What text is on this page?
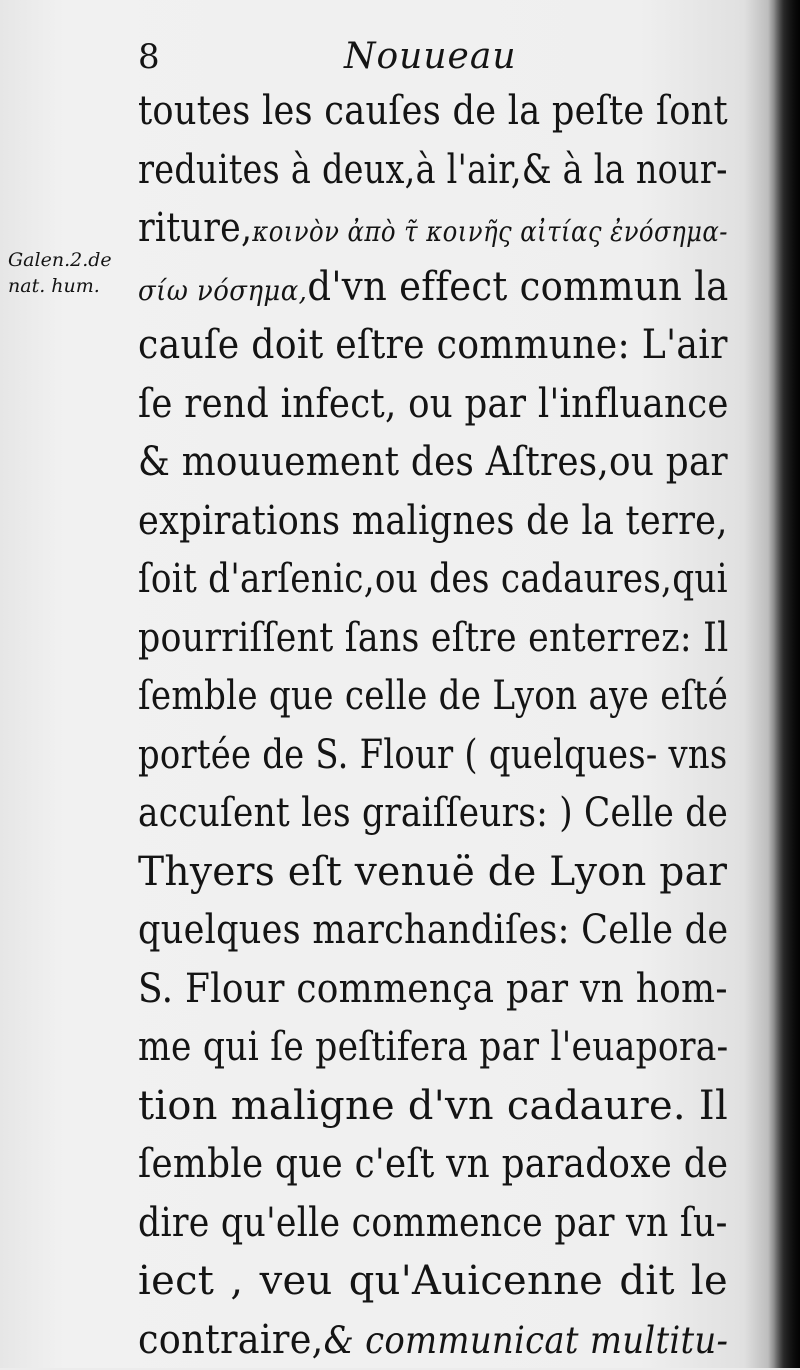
8	Nouueau
Galen.2.de
nat. hum.
toutes les cauſes de la peſte ſont
reduites à deux,à l'air,& à la nour-
riture,κοινὸν ἀπὸ τ̃ κοινῆς αἰτίας ἐνόσημα-
σίω νόσημα,d'vn effect commun la
cauſe doit eſtre commune: L'air
ſe rend infect, ou par l'influance
& mouuement des Aſtres,ou par
expirations malignes de la terre,
ſoit d'arſenic,ou des cadaures,qui
pourriſſent ſans eſtre enterrez: Il
ſemble que celle de Lyon aye eſté
portée de S. Flour ( quelques- vns
accuſent les graiſſeurs: ) Celle de
Thyers eſt venuë de Lyon par
quelques marchandiſes: Celle de
S. Flour commença par vn hom-
me qui ſe peſtifera par l'euapora-
tion maligne d'vn cadaure. Il
ſemble que c'eſt vn paradoxe de
dire qu'elle commence par vn ſu-
iect , veu qu'Auicenne dit le
contraire,& communicat multitu-
